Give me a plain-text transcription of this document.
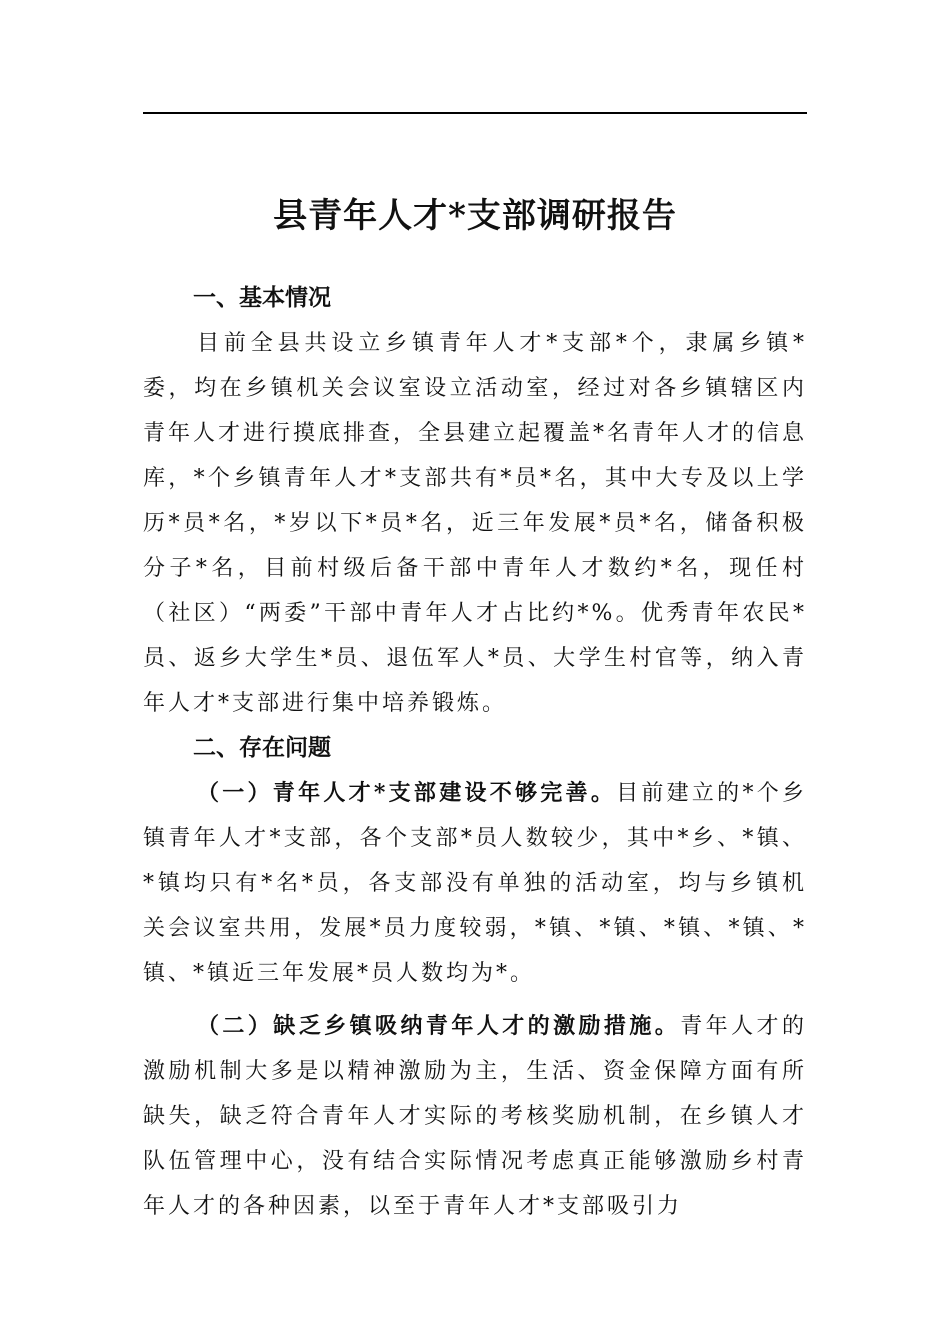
县青年人才*支部调研报告
一、基本情况

目前全县共设立乡镇青年人才*支部*个，隶属乡镇*委，均在乡镇机关会议室设立活动室，经过对各乡镇辖区内青年人才进行摸底排查，全县建立起覆盖*名青年人才的信息库，*个乡镇青年人才*支部共有*员*名，其中大专及以上学历*员*名，*岁以下*员*名，近三年发展*员*名，储备积极分子*名，目前村级后备干部中青年人才数约*名，现任村（社区）“两委”干部中青年人才占比约*%。优秀青年农民*员、返乡大学生*员、退伍军人*员、大学生村官等，纳入青年人才*支部进行集中培养锻炼。

二、存在问题

（一）青年人才*支部建设不够完善。目前建立的*个乡镇青年人才*支部，各个支部*员人数较少，其中*乡、*镇、*镇均只有*名*员，各支部没有单独的活动室，均与乡镇机关会议室共用，发展*员力度较弱，*镇、*镇、*镇、*镇、*镇、*镇近三年发展*员人数均为*。

（二）缺乏乡镇吸纳青年人才的激励措施。青年人才的激励机制大多是以精神激励为主，生活、资金保障方面有所缺失，缺乏符合青年人才实际的考核奖励机制，在乡镇人才队伍管理中心，没有结合实际情况考虑真正能够激励乡村青年人才的各种因素，以至于青年人才*支部吸引力
